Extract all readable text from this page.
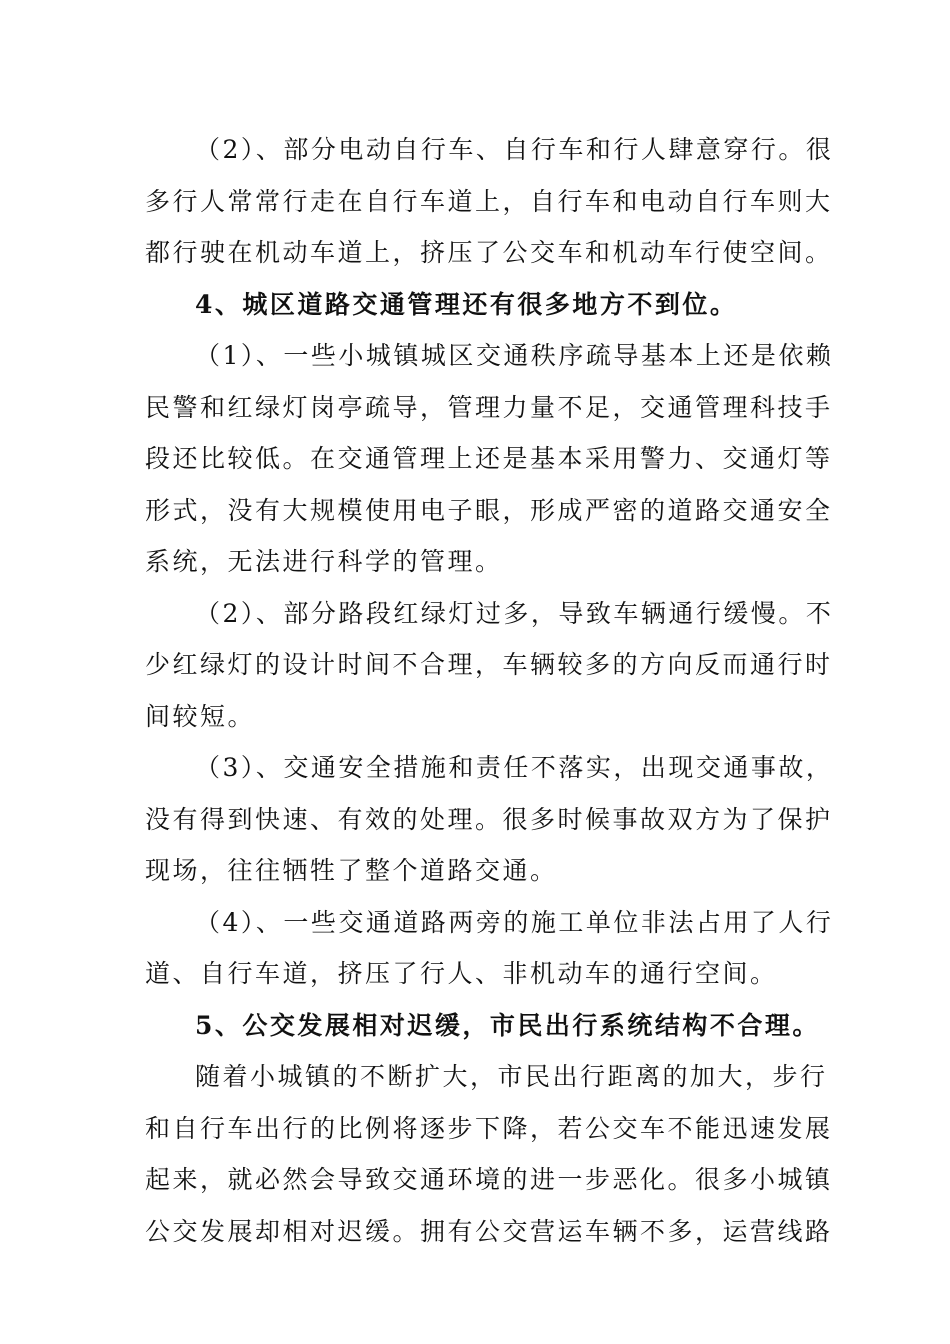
（2）、部分电动自行车、自行车和行人肆意穿行。很
多行人常常行走在自行车道上，自行车和电动自行车则大
都行驶在机动车道上，挤压了公交车和机动车行使空间。
4、城区道路交通管理还有很多地方不到位。
（1）、一些小城镇城区交通秩序疏导基本上还是依赖
民警和红绿灯岗亭疏导，管理力量不足，交通管理科技手
段还比较低。在交通管理上还是基本采用警力、交通灯等
形式，没有大规模使用电子眼，形成严密的道路交通安全
系统，无法进行科学的管理。
（2）、部分路段红绿灯过多，导致车辆通行缓慢。不
少红绿灯的设计时间不合理，车辆较多的方向反而通行时
间较短。
（3）、交通安全措施和责任不落实，出现交通事故，
没有得到快速、有效的处理。很多时候事故双方为了保护
现场，往往牺牲了整个道路交通。
（4）、一些交通道路两旁的施工单位非法占用了人行
道、自行车道，挤压了行人、非机动车的通行空间。
5、公交发展相对迟缓，市民出行系统结构不合理。
随着小城镇的不断扩大，市民出行距离的加大，步行
和自行车出行的比例将逐步下降，若公交车不能迅速发展
起来，就必然会导致交通环境的进一步恶化。很多小城镇
公交发展却相对迟缓。拥有公交营运车辆不多，运营线路
